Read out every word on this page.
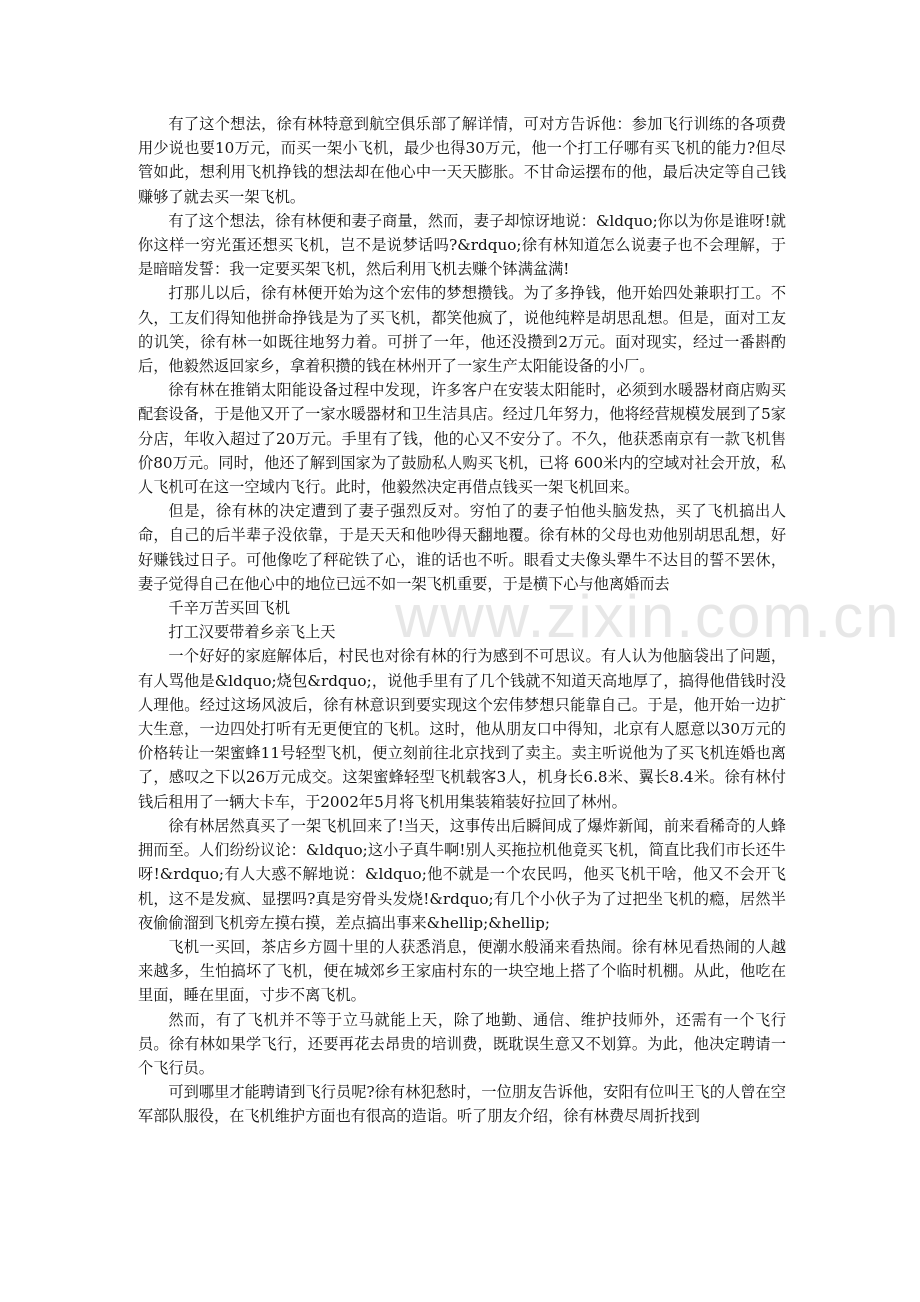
www.zixin.com.cn

有了这个想法，徐有林特意到航空俱乐部了解详情，可对方告诉他：参加飞行训练的各项费用少说也要10万元，而买一架小飞机，最少也得30万元，他一个打工仔哪有买飞机的能力?但尽管如此，想利用飞机挣钱的想法却在他心中一天天膨胀。不甘命运摆布的他，最后决定等自己钱赚够了就去买一架飞机。

有了这个想法，徐有林便和妻子商量，然而，妻子却惊讶地说：&ldquo;你以为你是谁呀!就你这样一穷光蛋还想买飞机，岂不是说梦话吗?&rdquo;徐有林知道怎么说妻子也不会理解，于是暗暗发誓：我一定要买架飞机，然后利用飞机去赚个钵满盆满!

打那儿以后，徐有林便开始为这个宏伟的梦想攒钱。为了多挣钱，他开始四处兼职打工。不久，工友们得知他拼命挣钱是为了买飞机，都笑他疯了，说他纯粹是胡思乱想。但是，面对工友的讥笑，徐有林一如既往地努力着。可拼了一年，他还没攒到2万元。面对现实，经过一番斟酌后，他毅然返回家乡，拿着积攒的钱在林州开了一家生产太阳能设备的小厂。

徐有林在推销太阳能设备过程中发现，许多客户在安装太阳能时，必须到水暖器材商店购买配套设备，于是他又开了一家水暖器材和卫生洁具店。经过几年努力，他将经营规模发展到了5家分店，年收入超过了20万元。手里有了钱，他的心又不安分了。不久，他获悉南京有一款飞机售价80万元。同时，他还了解到国家为了鼓励私人购买飞机，已将 600米内的空域对社会开放，私人飞机可在这一空域内飞行。此时，他毅然决定再借点钱买一架飞机回来。

但是，徐有林的决定遭到了妻子强烈反对。穷怕了的妻子怕他头脑发热，买了飞机搞出人命，自己的后半辈子没依靠，于是天天和他吵得天翻地覆。徐有林的父母也劝他别胡思乱想，好好赚钱过日子。可他像吃了秤砣铁了心，谁的话也不听。眼看丈夫像头犟牛不达目的誓不罢休，妻子觉得自己在他心中的地位已远不如一架飞机重要，于是横下心与他离婚而去

千辛万苦买回飞机

打工汉要带着乡亲飞上天

一个好好的家庭解体后，村民也对徐有林的行为感到不可思议。有人认为他脑袋出了问题，有人骂他是&ldquo;烧包&rdquo;，说他手里有了几个钱就不知道天高地厚了，搞得他借钱时没人理他。经过这场风波后，徐有林意识到要实现这个宏伟梦想只能靠自己。于是，他开始一边扩大生意，一边四处打听有无更便宜的飞机。这时，他从朋友口中得知，北京有人愿意以30万元的价格转让一架蜜蜂11号轻型飞机，便立刻前往北京找到了卖主。卖主听说他为了买飞机连婚也离了，感叹之下以26万元成交。这架蜜蜂轻型飞机载客3人，机身长6.8米、翼长8.4米。徐有林付钱后租用了一辆大卡车，于2002年5月将飞机用集装箱装好拉回了林州。

徐有林居然真买了一架飞机回来了!当天，这事传出后瞬间成了爆炸新闻，前来看稀奇的人蜂拥而至。人们纷纷议论：&ldquo;这小子真牛啊!别人买拖拉机他竟买飞机，简直比我们市长还牛呀!&rdquo;有人大惑不解地说：&ldquo;他不就是一个农民吗，他买飞机干啥，他又不会开飞机，这不是发疯、显摆吗?真是穷骨头发烧!&rdquo;有几个小伙子为了过把坐飞机的瘾，居然半夜偷偷溜到飞机旁左摸右摸，差点搞出事来&hellip;&hellip;

飞机一买回，茶店乡方圆十里的人获悉消息，便潮水般涌来看热闹。徐有林见看热闹的人越来越多，生怕搞坏了飞机，便在城郊乡王家庙村东的一块空地上搭了个临时机棚。从此，他吃在里面，睡在里面，寸步不离飞机。

然而，有了飞机并不等于立马就能上天，除了地勤、通信、维护技师外，还需有一个飞行员。徐有林如果学飞行，还要再花去昂贵的培训费，既耽误生意又不划算。为此，他决定聘请一个飞行员。

可到哪里才能聘请到飞行员呢?徐有林犯愁时，一位朋友告诉他，安阳有位叫王飞的人曾在空军部队服役，在飞机维护方面也有很高的造诣。听了朋友介绍，徐有林费尽周折找到
